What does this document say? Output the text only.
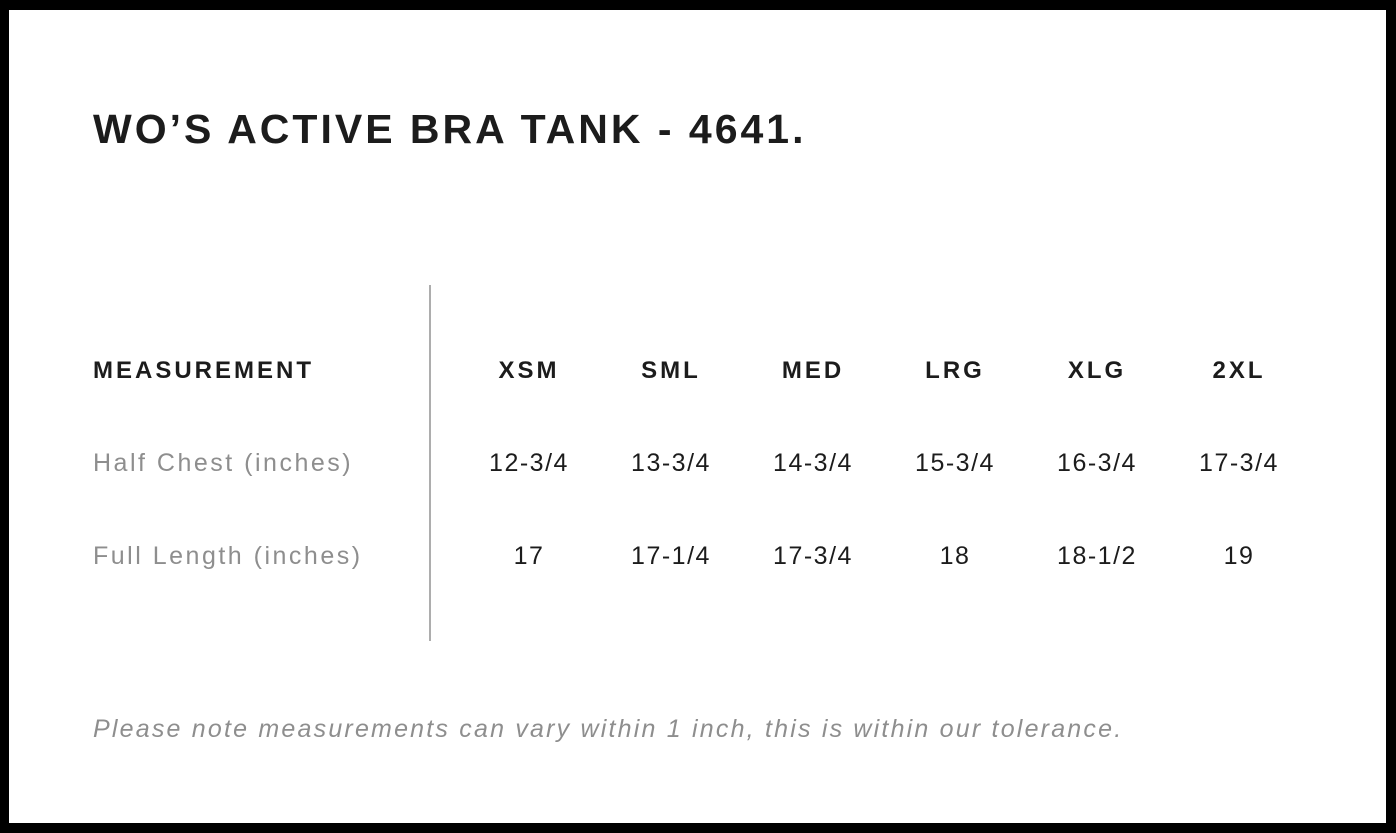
WO’S ACTIVE BRA TANK - 4641.
MEASUREMENT	XSM	SML	MED	LRG	XLG	2XL
Half Chest (inches)	12-3/4	13-3/4	14-3/4	15-3/4	16-3/4	17-3/4
Full Length (inches)	17	17-1/4	17-3/4	18	18-1/2	19

Please note measurements can vary within 1 inch, this is within our tolerance.
